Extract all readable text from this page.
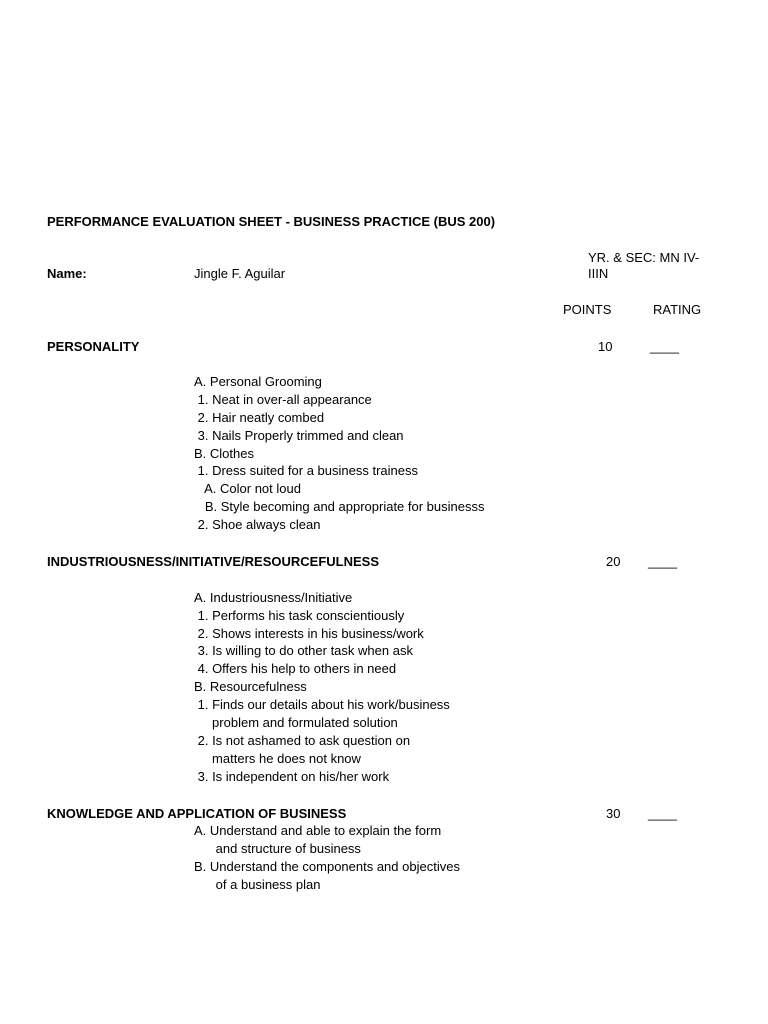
PERFORMANCE EVALUATION SHEET - BUSINESS PRACTICE (BUS 200)
YR. & SEC: MN IV-
IIIN
Name:	Jingle F. Aguilar
POINTS	RATING
PERSONALITY	10	____
A. Personal Grooming
1. Neat in over-all appearance
2. Hair neatly combed
3. Nails Properly trimmed and clean
B. Clothes
1. Dress suited for a business trainess
A. Color not loud
B. Style becoming and appropriate for businesss
2. Shoe always clean
INDUSTRIOUSNESS/INITIATIVE/RESOURCEFULNESS	20 ____
A. Industriousness/Initiative
1. Performs his task conscientiously
2. Shows interests in his business/work
3. Is willing to do other task when ask
4. Offers his help to others in need
B. Resourcefulness
1. Finds our details about his work/business
problem and formulated solution
2. Is not ashamed to ask question on
matters he does not know
3. Is independent on his/her work
KNOWLEDGE AND APPLICATION OF BUSINESS	30 ____
A. Understand and able to explain the form
and structure of business
B. Understand the components and objectives
of a business plan
